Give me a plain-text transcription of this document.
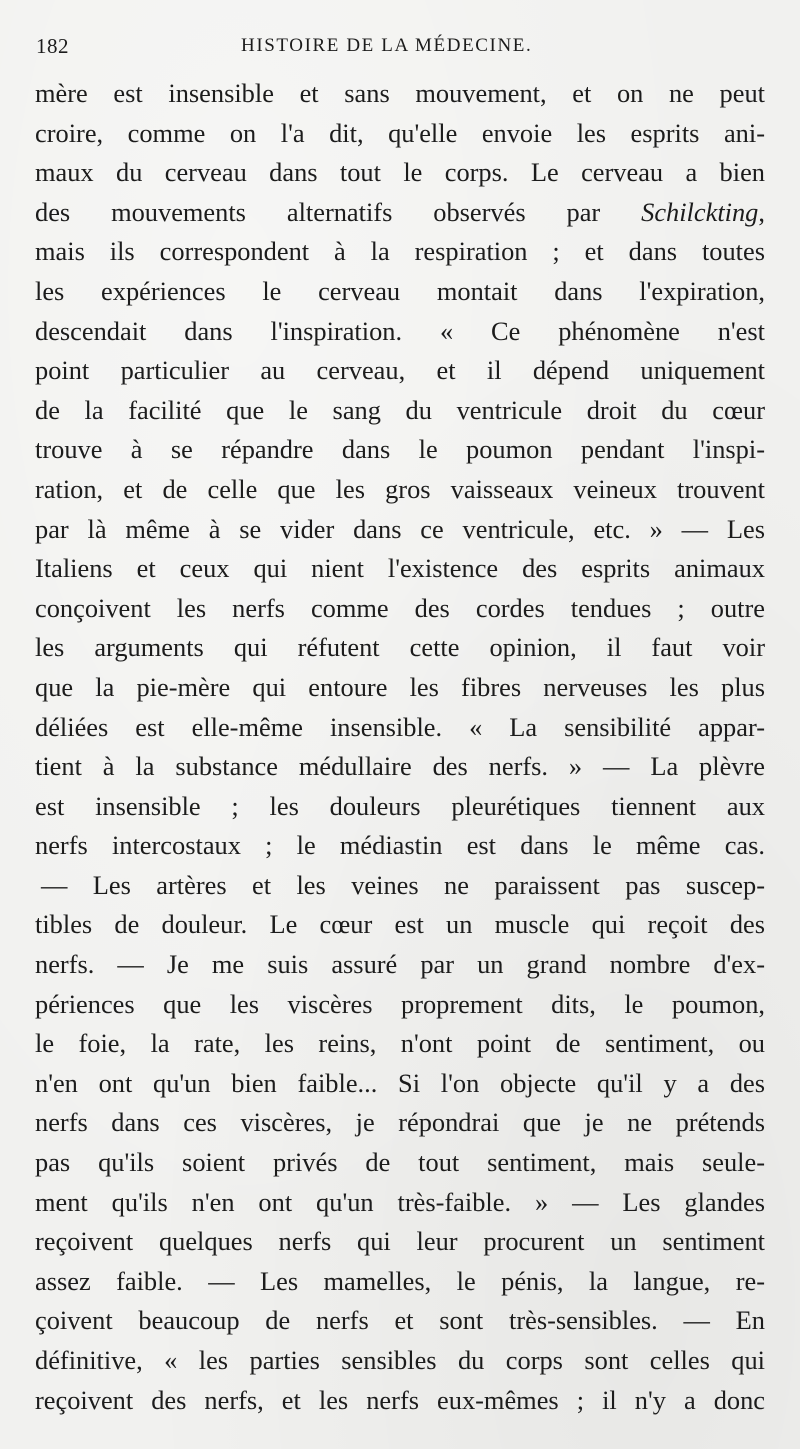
182	HISTOIRE DE LA MÉDECINE.
mère est insensible et sans mouvement, et on ne peut
croire, comme on l'a dit, qu'elle envoie les esprits ani-
maux du cerveau dans tout le corps. Le cerveau a bien
des mouvements alternatifs observés par Schilckting,
mais ils correspondent à la respiration ; et dans toutes
les expériences le cerveau montait dans l'expiration,
descendait dans l'inspiration. « Ce phénomène n'est
point particulier au cerveau, et il dépend uniquement
de la facilité que le sang du ventricule droit du cœur
trouve à se répandre dans le poumon pendant l'inspi-
ration, et de celle que les gros vaisseaux veineux trouvent
par là même à se vider dans ce ventricule, etc. » — Les
Italiens et ceux qui nient l'existence des esprits animaux
conçoivent les nerfs comme des cordes tendues ; outre
les arguments qui réfutent cette opinion, il faut voir
que la pie-mère qui entoure les fibres nerveuses les plus
déliées est elle-même insensible. « La sensibilité appar-
tient à la substance médullaire des nerfs. » — La plèvre
est insensible ; les douleurs pleurétiques tiennent aux
nerfs intercostaux ; le médiastin est dans le même cas.
— Les artères et les veines ne paraissent pas suscep-
tibles de douleur. Le cœur est un muscle qui reçoit des
nerfs. — Je me suis assuré par un grand nombre d'ex-
périences que les viscères proprement dits, le poumon,
le foie, la rate, les reins, n'ont point de sentiment, ou
n'en ont qu'un bien faible... Si l'on objecte qu'il y a des
nerfs dans ces viscères, je répondrai que je ne prétends
pas qu'ils soient privés de tout sentiment, mais seule-
ment qu'ils n'en ont qu'un très-faible. » — Les glandes
reçoivent quelques nerfs qui leur procurent un sentiment
assez faible. — Les mamelles, le pénis, la langue, re-
çoivent beaucoup de nerfs et sont très-sensibles. — En
définitive, « les parties sensibles du corps sont celles qui
reçoivent des nerfs, et les nerfs eux-mêmes ; il n'y a donc
